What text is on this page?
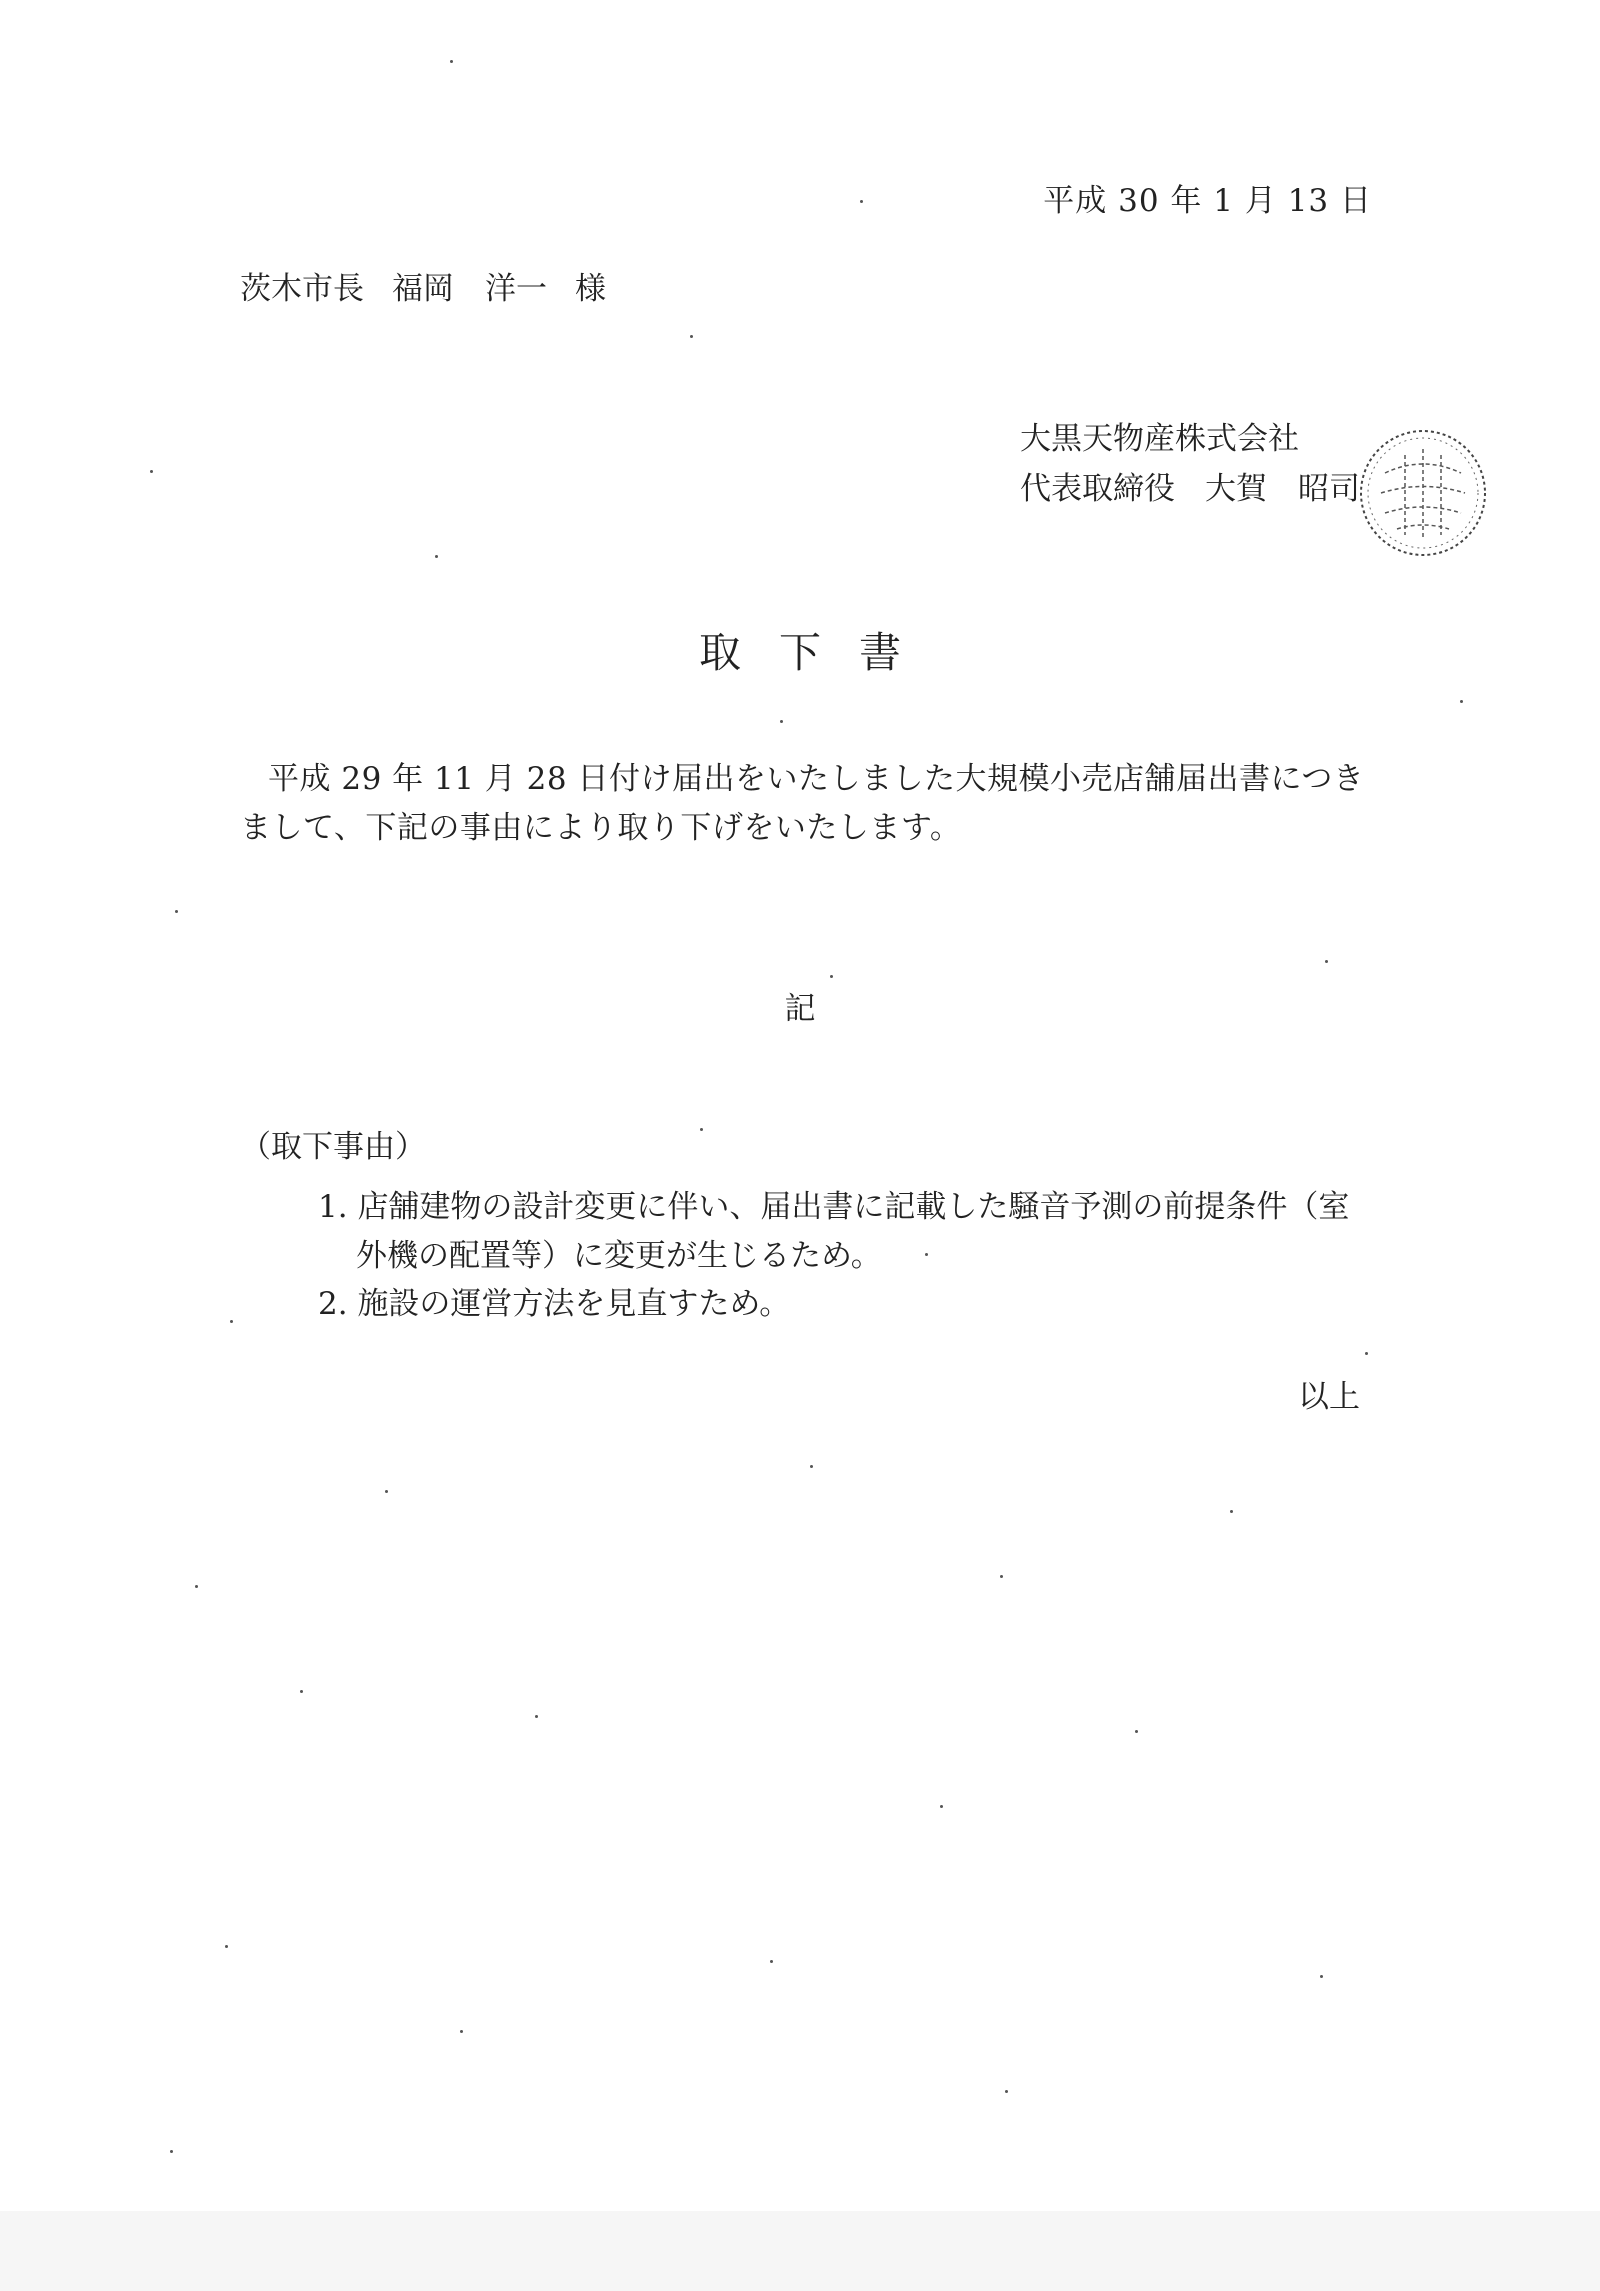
平成 30 年 1 月 13 日
茨木市長 福岡　洋一 様
大黒天物産株式会社
代表取締役 大賀　昭司
取下書
平成 29 年 11 月 28 日付け届出をいたしました大規模小売店舗届出書につきまして、下記の事由により取り下げをいたします。
記
（取下事由）
1. 店舗建物の設計変更に伴い、届出書に記載した騒音予測の前提条件（室
外機の配置等）に変更が生じるため。
2. 施設の運営方法を見直すため。
以上
